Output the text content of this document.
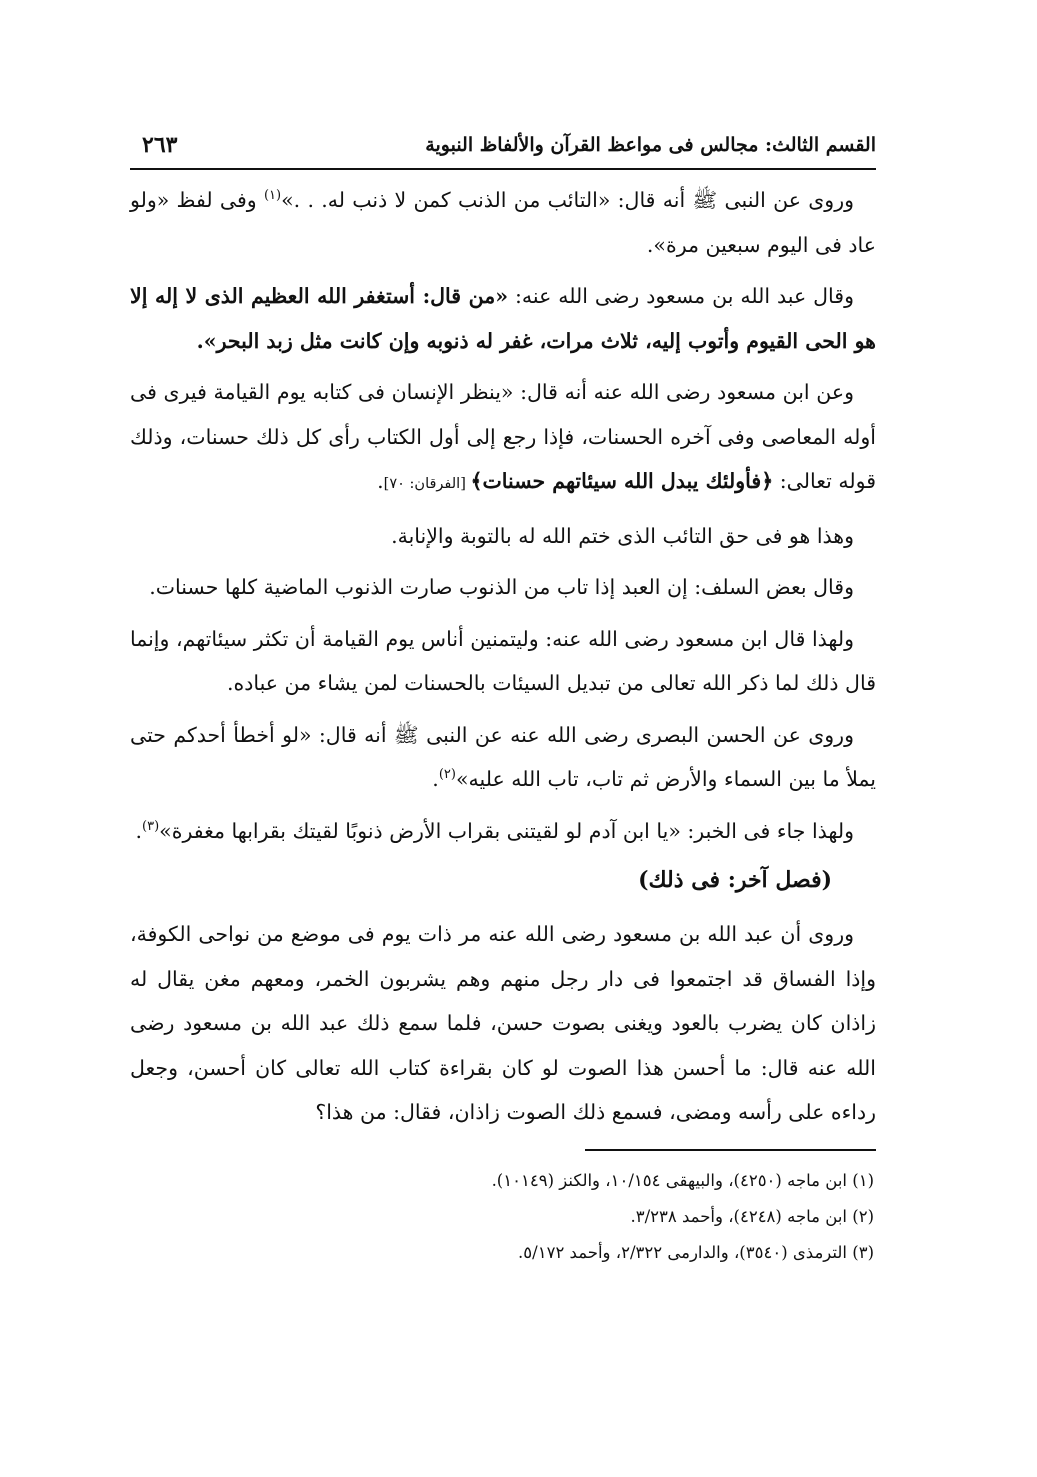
القسم الثالث: مجالس فى مواعظ القرآن والألفاظ النبوية
٢٦٣

وروى عن النبى ﷺ أنه قال: «التائب من الذنب كمن لا ذنب له. . .»$^{(١)}$ وفى لفظ «ولو عاد فى اليوم سبعين مرة».

وقال عبد الله بن مسعود رضى الله عنه: «من قال: أستغفر الله العظيم الذى لا إله إلا هو الحى القيوم وأتوب إليه، ثلاث مرات، غفر له ذنوبه وإن كانت مثل زبد البحر».

وعن ابن مسعود رضى الله عنه أنه قال: «ينظر الإنسان فى كتابه يوم القيامة فيرى فى أوله المعاصى وفى آخره الحسنات، فإذا رجع إلى أول الكتاب رأى كل ذلك حسنات، وذلك قوله تعالى: ﴿فأولئك يبدل الله سيئاتهم حسنات﴾ [الفرقان: ٧٠].

وهذا هو فى حق التائب الذى ختم الله له بالتوبة والإنابة.

وقال بعض السلف: إن العبد إذا تاب من الذنوب صارت الذنوب الماضية كلها حسنات.

ولهذا قال ابن مسعود رضى الله عنه: وليتمنين أناس يوم القيامة أن تكثر سيئاتهم، وإنما قال ذلك لما ذكر الله تعالى من تبديل السيئات بالحسنات لمن يشاء من عباده.

وروى عن الحسن البصرى رضى الله عنه عن النبى ﷺ أنه قال: «لو أخطأ أحدكم حتى يملأ ما بين السماء والأرض ثم تاب، تاب الله عليه»$^{(٢)}$.

ولهذا جاء فى الخبر: «يا ابن آدم لو لقيتنى بقراب الأرض ذنوبًا لقيتك بقرابها مغفرة»$^{(٣)}$.

(فصل آخر: فى ذلك)

وروى أن عبد الله بن مسعود رضى الله عنه مر ذات يوم فى موضع من نواحى الكوفة، وإذا الفساق قد اجتمعوا فى دار رجل منهم وهم يشربون الخمر، ومعهم مغن يقال له زاذان كان يضرب بالعود ويغنى بصوت حسن، فلما سمع ذلك عبد الله بن مسعود رضى الله عنه قال: ما أحسن هذا الصوت لو كان بقراءة كتاب الله تعالى كان أحسن، وجعل رداءه على رأسه ومضى، فسمع ذلك الصوت زاذان، فقال: من هذا؟

(١) ابن ماجه (٤٢٥٠)، والبيهقى ١٠/١٥٤، والكنز (١٠١٤٩).
(٢) ابن ماجه (٤٢٤٨)، وأحمد ٣/٢٣٨.
(٣) الترمذى (٣٥٤٠)، والدارمى ٢/٣٢٢، وأحمد ٥/١٧٢.
